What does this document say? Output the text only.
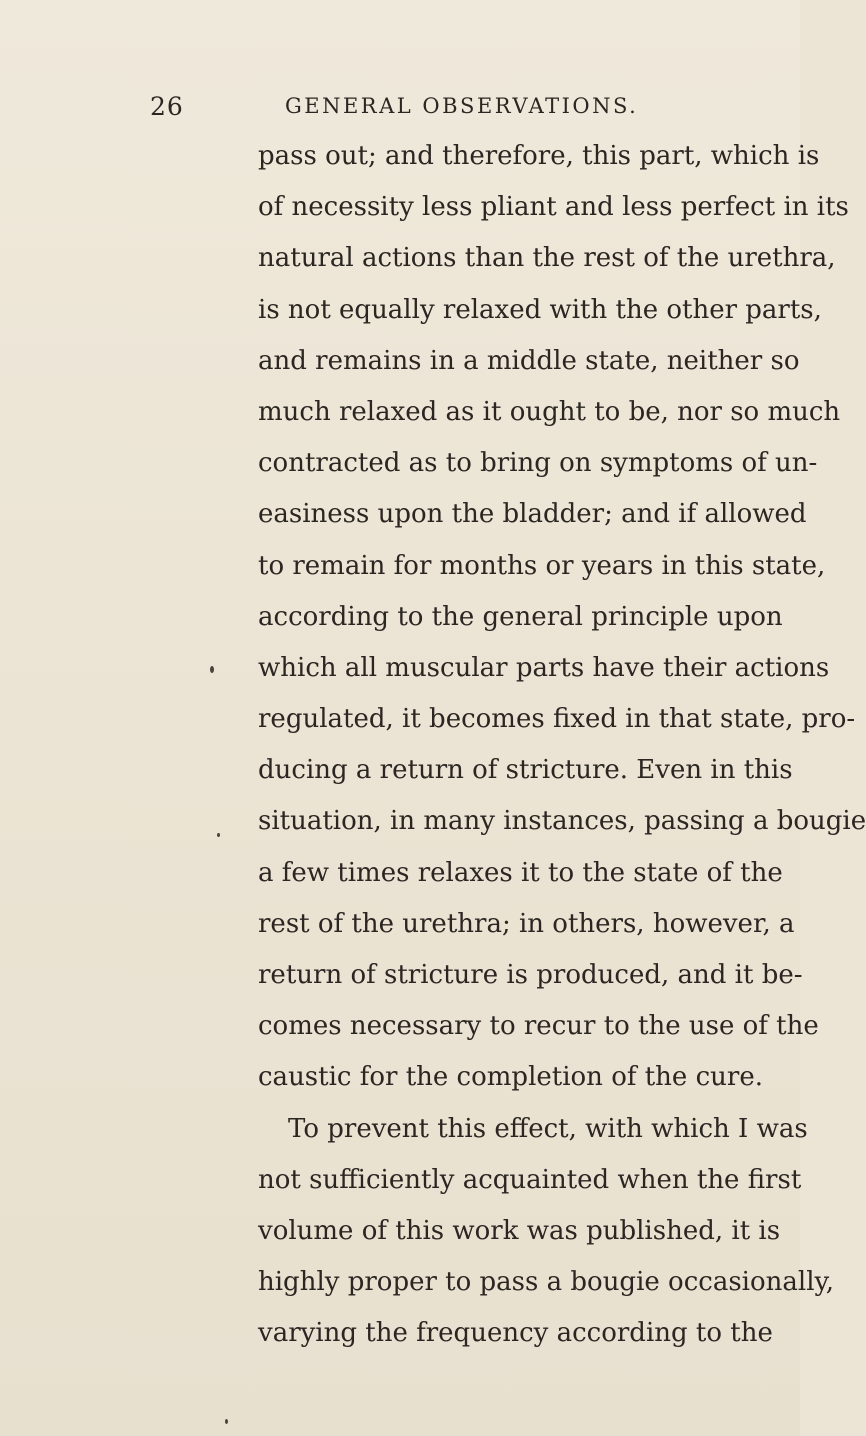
26	GENERAL OBSERVATIONS.
pass out; and therefore, this part, which is
of necessity less pliant and less perfect in its
natural actions than the rest of the urethra,
is not equally relaxed with the other parts,
and remains in a middle state, neither so
much relaxed as it ought to be, nor so much
contracted as to bring on symptoms of un-
easiness upon the bladder; and if allowed
to remain for months or years in this state,
according to the general principle upon
which all muscular parts have their actions
regulated, it becomes fixed in that state, pro-
ducing a return of stricture. Even in this
situation, in many instances, passing a bougie
a few times relaxes it to the state of the
rest of the urethra; in others, however, a
return of stricture is produced, and it be-
comes necessary to recur to the use of the
caustic for the completion of the cure.
To prevent this effect, with which I was
not sufficiently acquainted when the first
volume of this work was published, it is
highly proper to pass a bougie occasionally,
varying the frequency according to the
